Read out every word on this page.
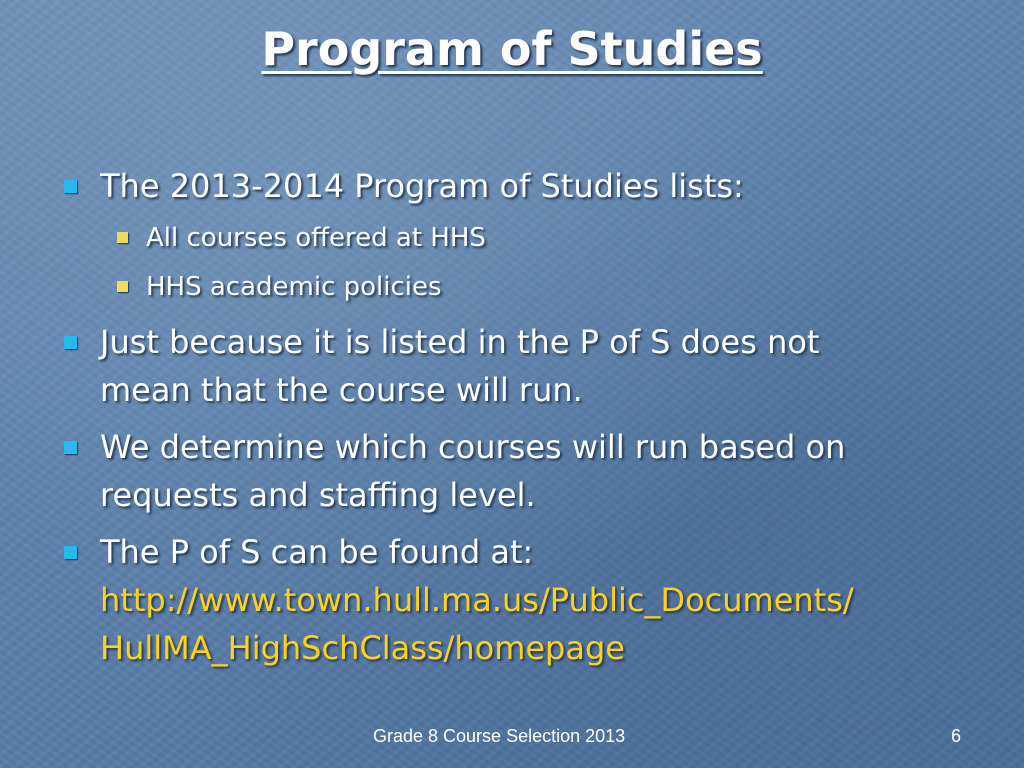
Program of Studies
The 2013-2014 Program of Studies lists:
All courses offered at HHS
HHS academic policies
Just because it is listed in the P of S does not
mean that the course will run.
We determine which courses will run based on
requests and staffing level.
The P of S can be found at:
http://www.town.hull.ma.us/Public_Documents/
HullMA_HighSchClass/homepage
Grade 8 Course Selection 2013	6
